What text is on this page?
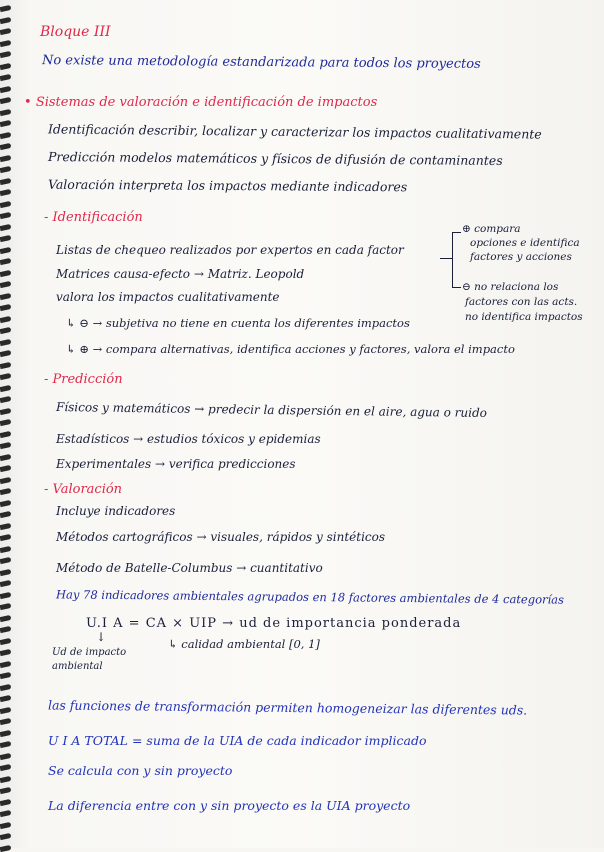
Bloque III
No existe una metodología estandarizada para todos los proyectos
• Sistemas de valoración e identificación de impactos
Identificación describir, localizar y caracterizar los impactos cualitativamente
Predicción modelos matemáticos y físicos de difusión de contaminantes
Valoración interpreta los impactos mediante indicadores
- Identificación
Listas de chequeo realizados por expertos en cada factor
⊕ compara
opciones e identifica
factores y acciones
⊖ no relaciona los
factores con las acts.
no identifica impactos
Matrices causa-efecto → Matriz. Leopold
valora los impactos cualitativamente
↳ ⊖ → subjetiva no tiene en cuenta los diferentes impactos
↳ ⊕ → compara alternativas, identifica acciones y factores, valora el impacto
- Predicción
Físicos y matemáticos → predecir la dispersión en el aire, agua o ruido
Estadísticos → estudios tóxicos y epidemias
Experimentales → verifica predicciones
- Valoración
Incluye indicadores
Métodos cartográficos → visuales, rápidos y sintéticos
Método de Batelle-Columbus → cuantitativo
Hay 78 indicadores ambientales agrupados en 18 factores ambientales de 4 categorías
U.I A = CA × UIP → ud de importancia ponderada
↳ calidad ambiental [0, 1]
↓
Ud de impacto
ambiental
las funciones de transformación permiten homogeneizar las diferentes uds.
U I A TOTAL = suma de la UIA de cada indicador implicado
Se calcula con y sin proyecto
La diferencia entre con y sin proyecto es la UIA proyecto
